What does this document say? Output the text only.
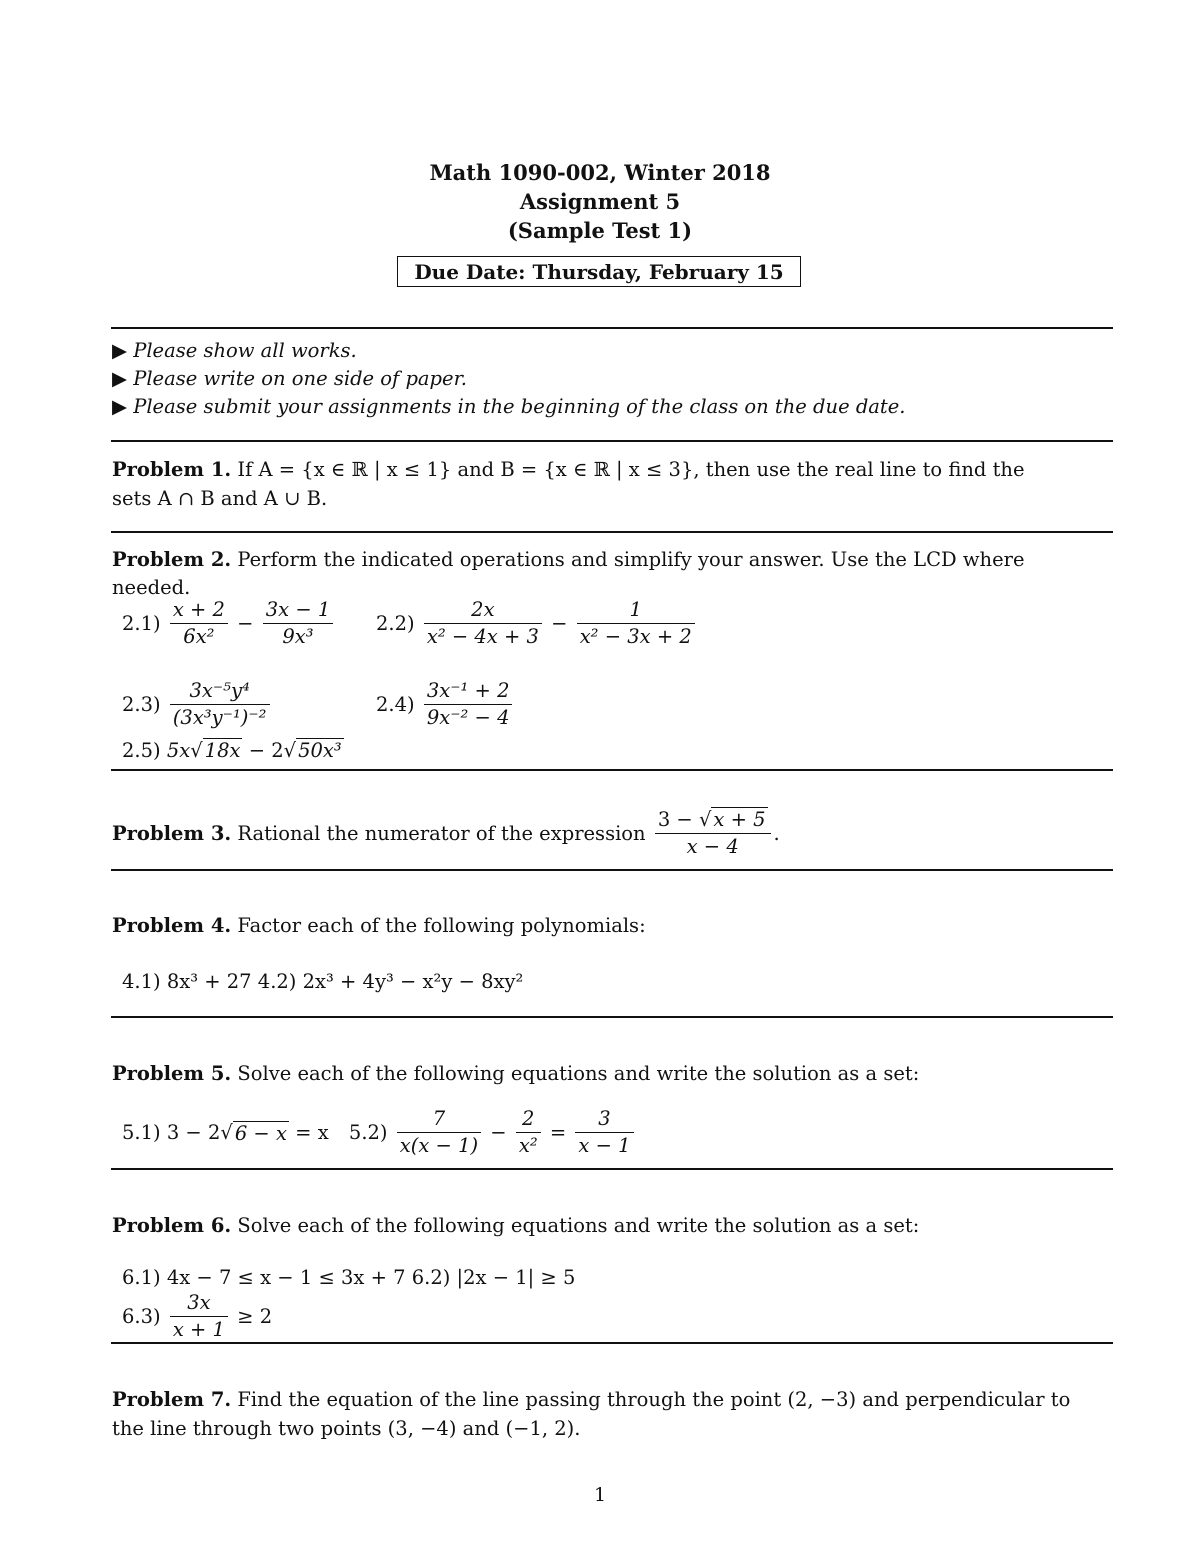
Math 1090-002, Winter 2018
Assignment 5
(Sample Test 1)
Due Date: Thursday, February 15
▶ Please show all works.
▶ Please write on one side of paper.
▶ Please submit your assignments in the beginning of the class on the due date.
Problem 1. If A = {x ∈ ℝ | x ≤ 1} and B = {x ∈ ℝ | x ≤ 3}, then use the real line to find the
sets A ∩ B and A ∪ B.
Problem 2. Perform the indicated operations and simplify your answer. Use the LCD where
needed.
$2.1) \frac{x + 2}{\text{6x²}} - \frac{3x - 1}{\text{9x³}} 2.2) \frac{2x}{\text{x² − 4x + 3}} - \frac{1}{\text{x² − 3x + 2}}$
$2.3) \frac{\text{3x⁻⁵y⁴}}{\text{(3x³y⁻¹)⁻²}}$	$2.4) \frac{\text{3x⁻¹ + 2}}{\text{9x⁻² − 4}}$
2.5) 5x√ 18x − 2√ 50x³
Problem 3. Rational the numerator of the expression $\frac{3 - √ x + 5}{x - 4}$ .
Problem 4. Factor each of the following polynomials:
4.1) 8x³ + 27 4.2) 2x³ + 4y³ − x²y − 8xy²
Problem 5. Solve each of the following equations and write the solution as a set:
5.1) 3 − 2√ 6 − x = x $5.2) \frac{7}{x(x - 1)} - \frac{2}{\text{x²}} = \frac{3}{x - 1}$
Problem 6. Solve each of the following equations and write the solution as a set:
6.1) 4x − 7 ≤ x − 1 ≤ 3x + 7 6.2) |2x − 1| ≥ 5
$6.3) \frac{3x}{x + 1} \ge 2$
Problem 7. Find the equation of the line passing through the point (2, −3) and perpendicular to
the line through two points (3, −4) and (−1, 2).
1
